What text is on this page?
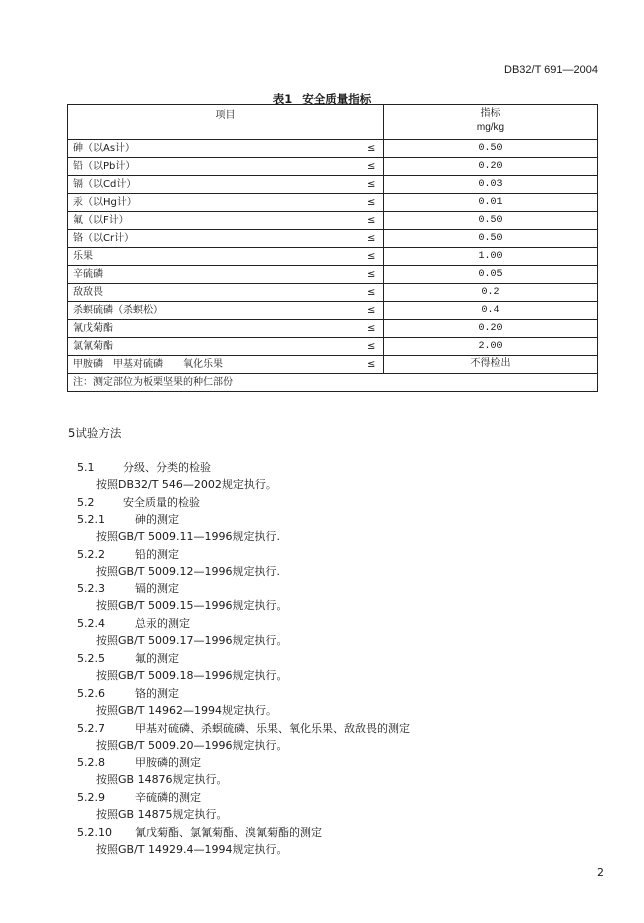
DB32/T 691—2004
表1 安全质量指标
项目		指标
mg/kg

砷（以As计）	≤	0.50
铅（以Pb计）	≤	0.20
镉（以Cd计）	≤	0.03
汞（以Hg计）	≤	0.01
氟（以F计）	≤	0.50
铬（以Cr计）	≤	0.50
乐果	≤	1.00
辛硫磷	≤	0.05
敌敌畏	≤	0.2
杀螟硫磷（杀螟松）	≤	0.4
氰戊菊酯	≤	0.20
氯氰菊酯	≤	2.00
甲胺磷　甲基对硫磷　　氧化乐果	≤	不得检出
注：测定部位为板栗坚果的种仁部份		
5试验方法
5.1	分级、分类的检验
按照DB32/T 546—2002规定执行。
5.2	安全质量的检验
5.2.1	砷的测定
按照GB/T 5009.11—1996规定执行.
5.2.2	铅的测定
按照GB/T 5009.12—1996规定执行.
5.2.3	镉的测定
按照GB/T 5009.15—1996规定执行。
5.2.4	总汞的测定
按照GB/T 5009.17—1996规定执行。
5.2.5	氟的测定
按照GB/T 5009.18—1996规定执行。
5.2.6	铬的测定
按照GB/T 14962—1994规定执行。
5.2.7	甲基对硫磷、杀螟硫磷、乐果、氧化乐果、敌敌畏的测定
按照GB/T 5009.20—1996规定执行。
5.2.8	甲胺磷的测定
按照GB 14876规定执行。
5.2.9	辛硫磷的测定
按照GB 14875规定执行。
5.2.10 氰戊菊酯、氯氰菊酯、溴氰菊酯的测定
按照GB/T 14929.4—1994规定执行。
2
